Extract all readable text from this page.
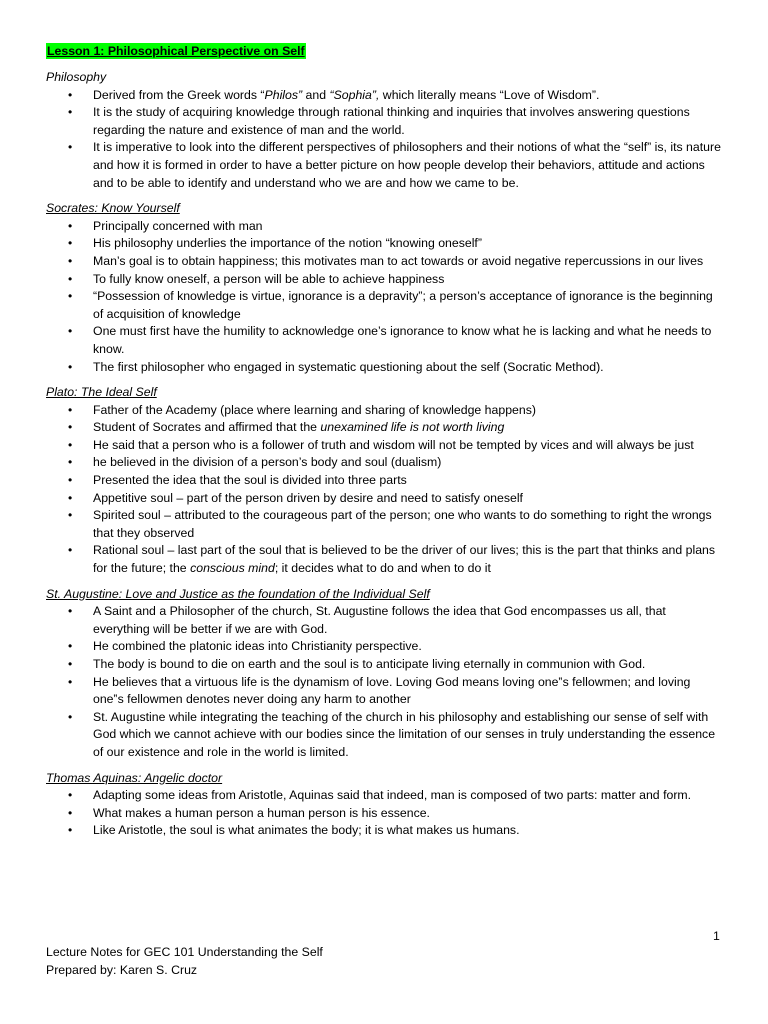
Lesson 1: Philosophical Perspective on Self
Philosophy
• Derived from the Greek words “Philos” and “Sophia”, which literally means “Love of Wisdom”.
• It is the study of acquiring knowledge through rational thinking and inquiries that involves answering questions regarding the nature and existence of man and the world.
• It is imperative to look into the different perspectives of philosophers and their notions of what the “self” is, its nature and how it is formed in order to have a better picture on how people develop their behaviors, attitude and actions and to be able to identify and understand who we are and how we came to be.
Socrates: Know Yourself
• Principally concerned with man
• His philosophy underlies the importance of the notion “knowing oneself”
• Man’s goal is to obtain happiness; this motivates man to act towards or avoid negative repercussions in our lives
• To fully know oneself, a person will be able to achieve happiness
• “Possession of knowledge is virtue, ignorance is a depravity”; a person’s acceptance of ignorance is the beginning of acquisition of knowledge
• One must first have the humility to acknowledge one’s ignorance to know what he is lacking and what he needs to know.
• The first philosopher who engaged in systematic questioning about the self (Socratic Method).
Plato: The Ideal Self
• Father of the Academy (place where learning and sharing of knowledge happens)
• Student of Socrates and affirmed that the unexamined life is not worth living
• He said that a person who is a follower of truth and wisdom will not be tempted by vices and will always be just
• he believed in the division of a person’s body and soul (dualism)
• Presented the idea that the soul is divided into three parts
• Appetitive soul – part of the person driven by desire and need to satisfy oneself
• Spirited soul – attributed to the courageous part of the person; one who wants to do something to right the wrongs that they observed
• Rational soul – last part of the soul that is believed to be the driver of our lives; this is the part that thinks and plans for the future; the conscious mind; it decides what to do and when to do it
St. Augustine: Love and Justice as the foundation of the Individual Self
• A Saint and a Philosopher of the church, St. Augustine follows the idea that God encompasses us all, that everything will be better if we are with God.
• He combined the platonic ideas into Christianity perspective.
• The body is bound to die on earth and the soul is to anticipate living eternally in communion with God.
• He believes that a virtuous life is the dynamism of love. Loving God means loving one‟s fellowmen; and loving one‟s fellowmen denotes never doing any harm to another
• St. Augustine while integrating the teaching of the church in his philosophy and establishing our sense of self with God which we cannot achieve with our bodies since the limitation of our senses in truly understanding the essence of our existence and role in the world is limited.
Thomas Aquinas: Angelic doctor
• Adapting some ideas from Aristotle, Aquinas said that indeed, man is composed of two parts: matter and form.
• What makes a human person a human person is his essence.
• Like Aristotle, the soul is what animates the body; it is what makes us humans.
1
Lecture Notes for GEC 101 Understanding the Self
Prepared by: Karen S. Cruz
